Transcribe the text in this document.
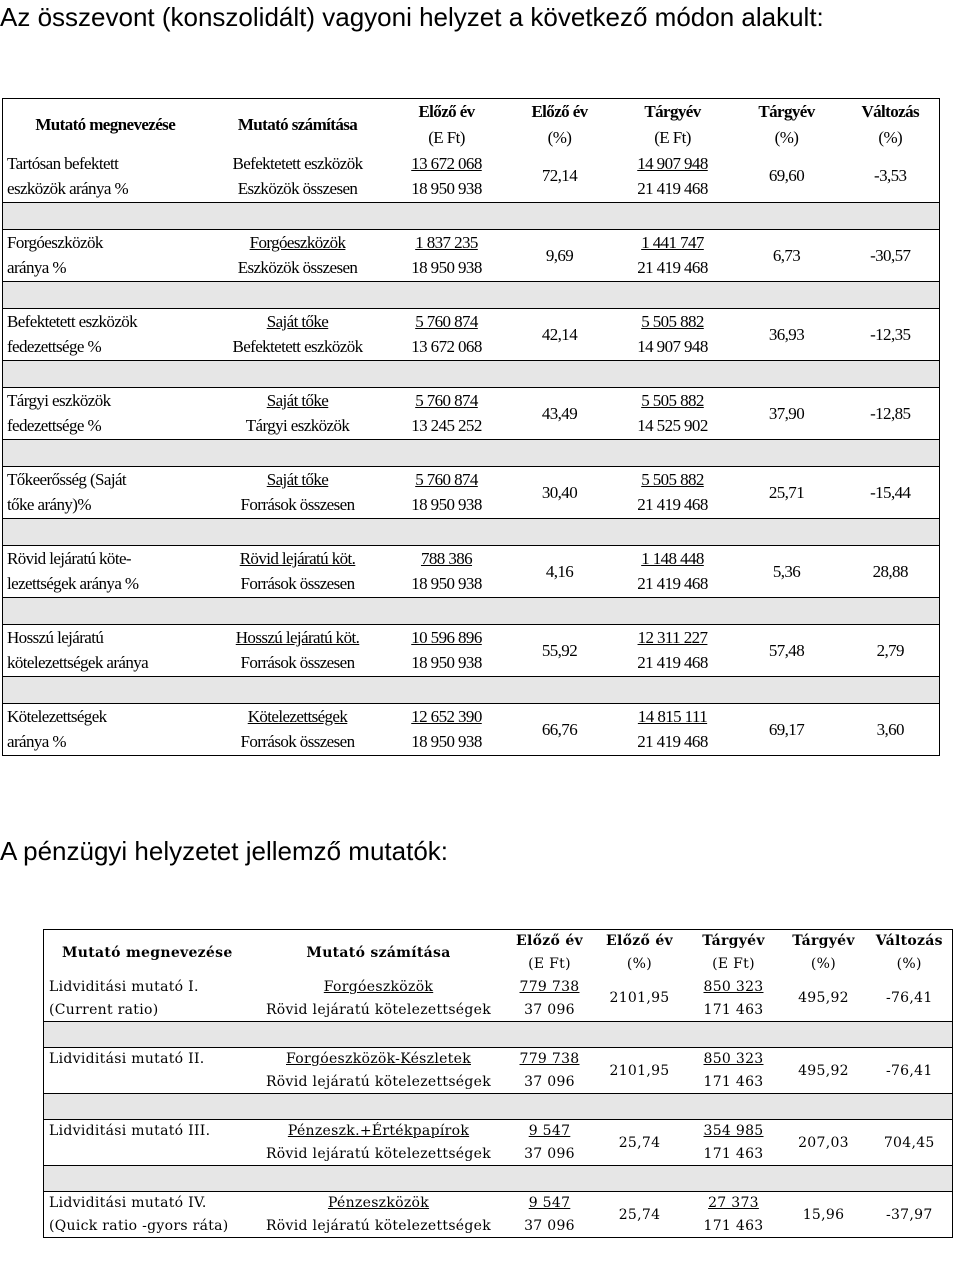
Az összevont (konszolidált) vagyoni helyzet a következő módon alakult:
Mutató megnevezése	Mutató számítása	Előző év	Előző év	Tárgyév	Tárgyév	Változás
		(E Ft)	(%)	(E Ft)	(%)	(%)
Tartósan befektett	Befektetett eszközök	13 672 068	72,14	14 907 948	69,60	-3,53
eszközök aránya %	Eszközök összesen	18 950 938		21 419 468		

Forgóeszközök	Forgóeszközök	1 837 235	9,69	1 441 747	6,73	-30,57
aránya %	Eszközök összesen	18 950 938		21 419 468		

Befektetett eszközök	Saját tőke	5 760 874	42,14	5 505 882	36,93	-12,35
fedezettsége %	Befektetett eszközök	13 672 068		14 907 948		

Tárgyi eszközök	Saját tőke	5 760 874	43,49	5 505 882	37,90	-12,85
fedezettsége %	Tárgyi eszközök	13 245 252		14 525 902		

Tőkeerősség (Saját	Saját tőke	5 760 874	30,40	5 505 882	25,71	-15,44
tőke arány)%	Források összesen	18 950 938		21 419 468		

Rövid lejáratú köte-	Rövid lejáratú köt.	788 386	4,16	1 148 448	5,36	28,88
lezettségek aránya %	Források összesen	18 950 938		21 419 468		

Hosszú lejáratú	Hosszú lejáratú köt.	10 596 896	55,92	12 311 227	57,48	2,79
kötelezettségek aránya	Források összesen	18 950 938		21 419 468		

Kötelezettségek	Kötelezettségek	12 652 390	66,76	14 815 111	69,17	3,60
aránya %	Források összesen	18 950 938		21 419 468		
A pénzügyi helyzetet jellemző mutatók:
Mutató megnevezése	Mutató számítása	Előző év	Előző év	Tárgyév	Tárgyév	Változás
		(E Ft)	(%)	(E Ft)	(%)	(%)
Lidviditási mutató I.	Forgóeszközök	779 738	2101,95	850 323	495,92	-76,41
(Current ratio)	Rövid lejáratú kötelezettségek	37 096		171 463		

Lidviditási mutató II.	Forgóeszközök-Készletek	779 738	2101,95	850 323	495,92	-76,41
	Rövid lejáratú kötelezettségek	37 096		171 463		

Lidviditási mutató III.	Pénzeszk.+Értékpapírok	9 547	25,74	354 985	207,03	704,45
	Rövid lejáratú kötelezettségek	37 096		171 463		

Lidviditási mutató IV.	Pénzeszközök	9 547	25,74	27 373	15,96	-37,97
(Quick ratio -gyors ráta)	Rövid lejáratú kötelezettségek	37 096		171 463		
